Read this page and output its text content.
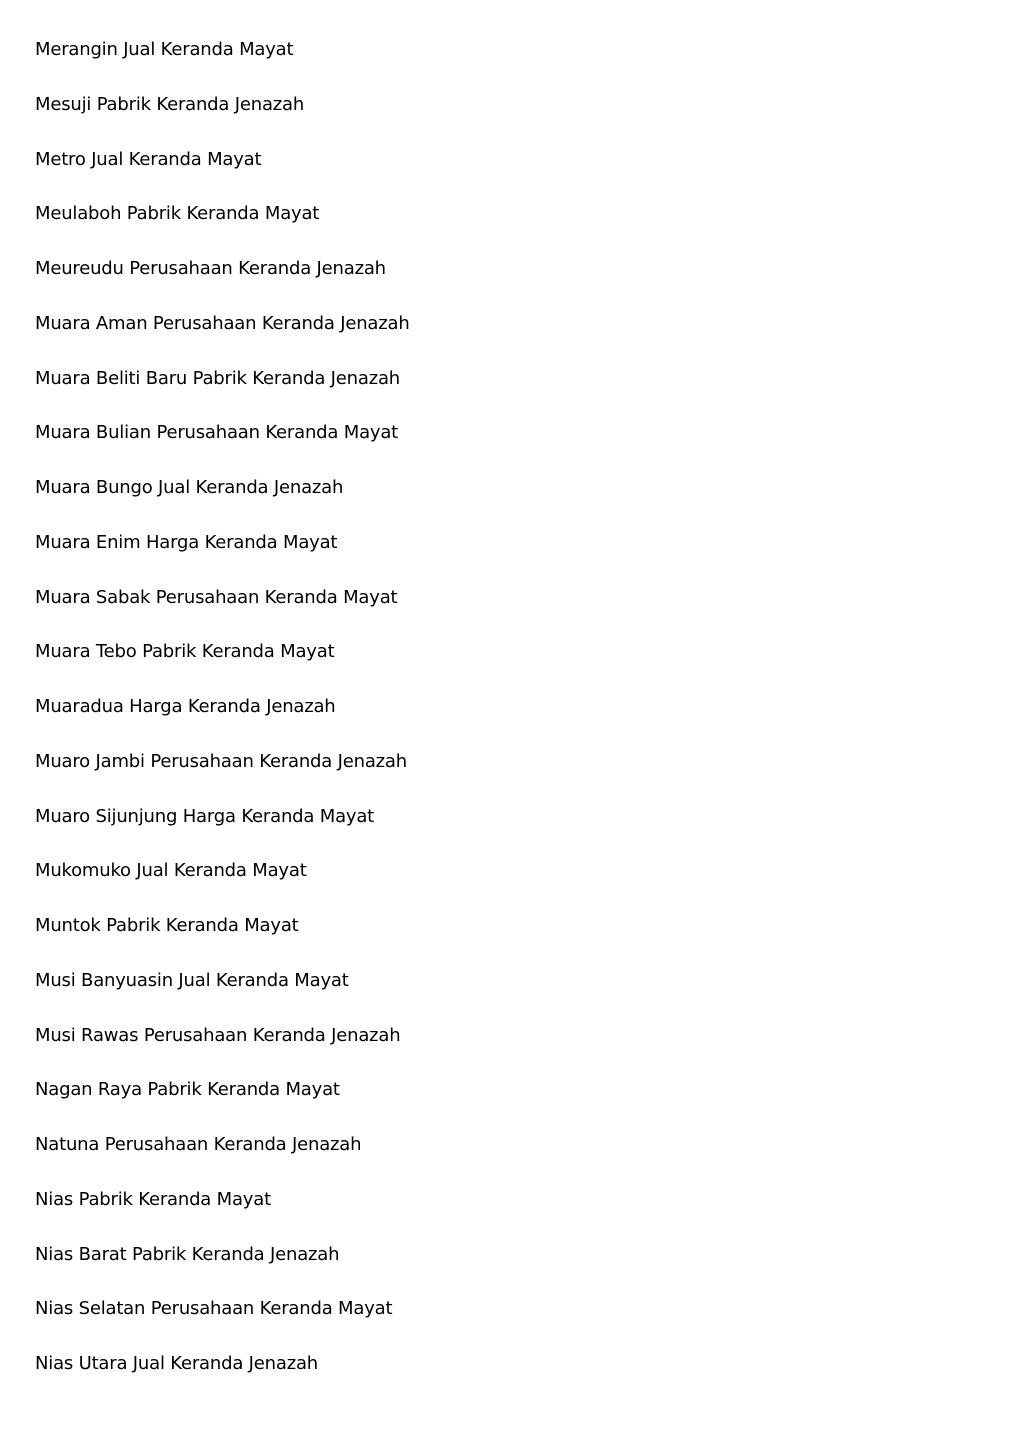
Merangin Jual Keranda Mayat
Mesuji Pabrik Keranda Jenazah
Metro Jual Keranda Mayat
Meulaboh Pabrik Keranda Mayat
Meureudu Perusahaan Keranda Jenazah
Muara Aman Perusahaan Keranda Jenazah
Muara Beliti Baru Pabrik Keranda Jenazah
Muara Bulian Perusahaan Keranda Mayat
Muara Bungo Jual Keranda Jenazah
Muara Enim Harga Keranda Mayat
Muara Sabak Perusahaan Keranda Mayat
Muara Tebo Pabrik Keranda Mayat
Muaradua Harga Keranda Jenazah
Muaro Jambi Perusahaan Keranda Jenazah
Muaro Sijunjung Harga Keranda Mayat
Mukomuko Jual Keranda Mayat
Muntok Pabrik Keranda Mayat
Musi Banyuasin Jual Keranda Mayat
Musi Rawas Perusahaan Keranda Jenazah
Nagan Raya Pabrik Keranda Mayat
Natuna Perusahaan Keranda Jenazah
Nias Pabrik Keranda Mayat
Nias Barat Pabrik Keranda Jenazah
Nias Selatan Perusahaan Keranda Mayat
Nias Utara Jual Keranda Jenazah
